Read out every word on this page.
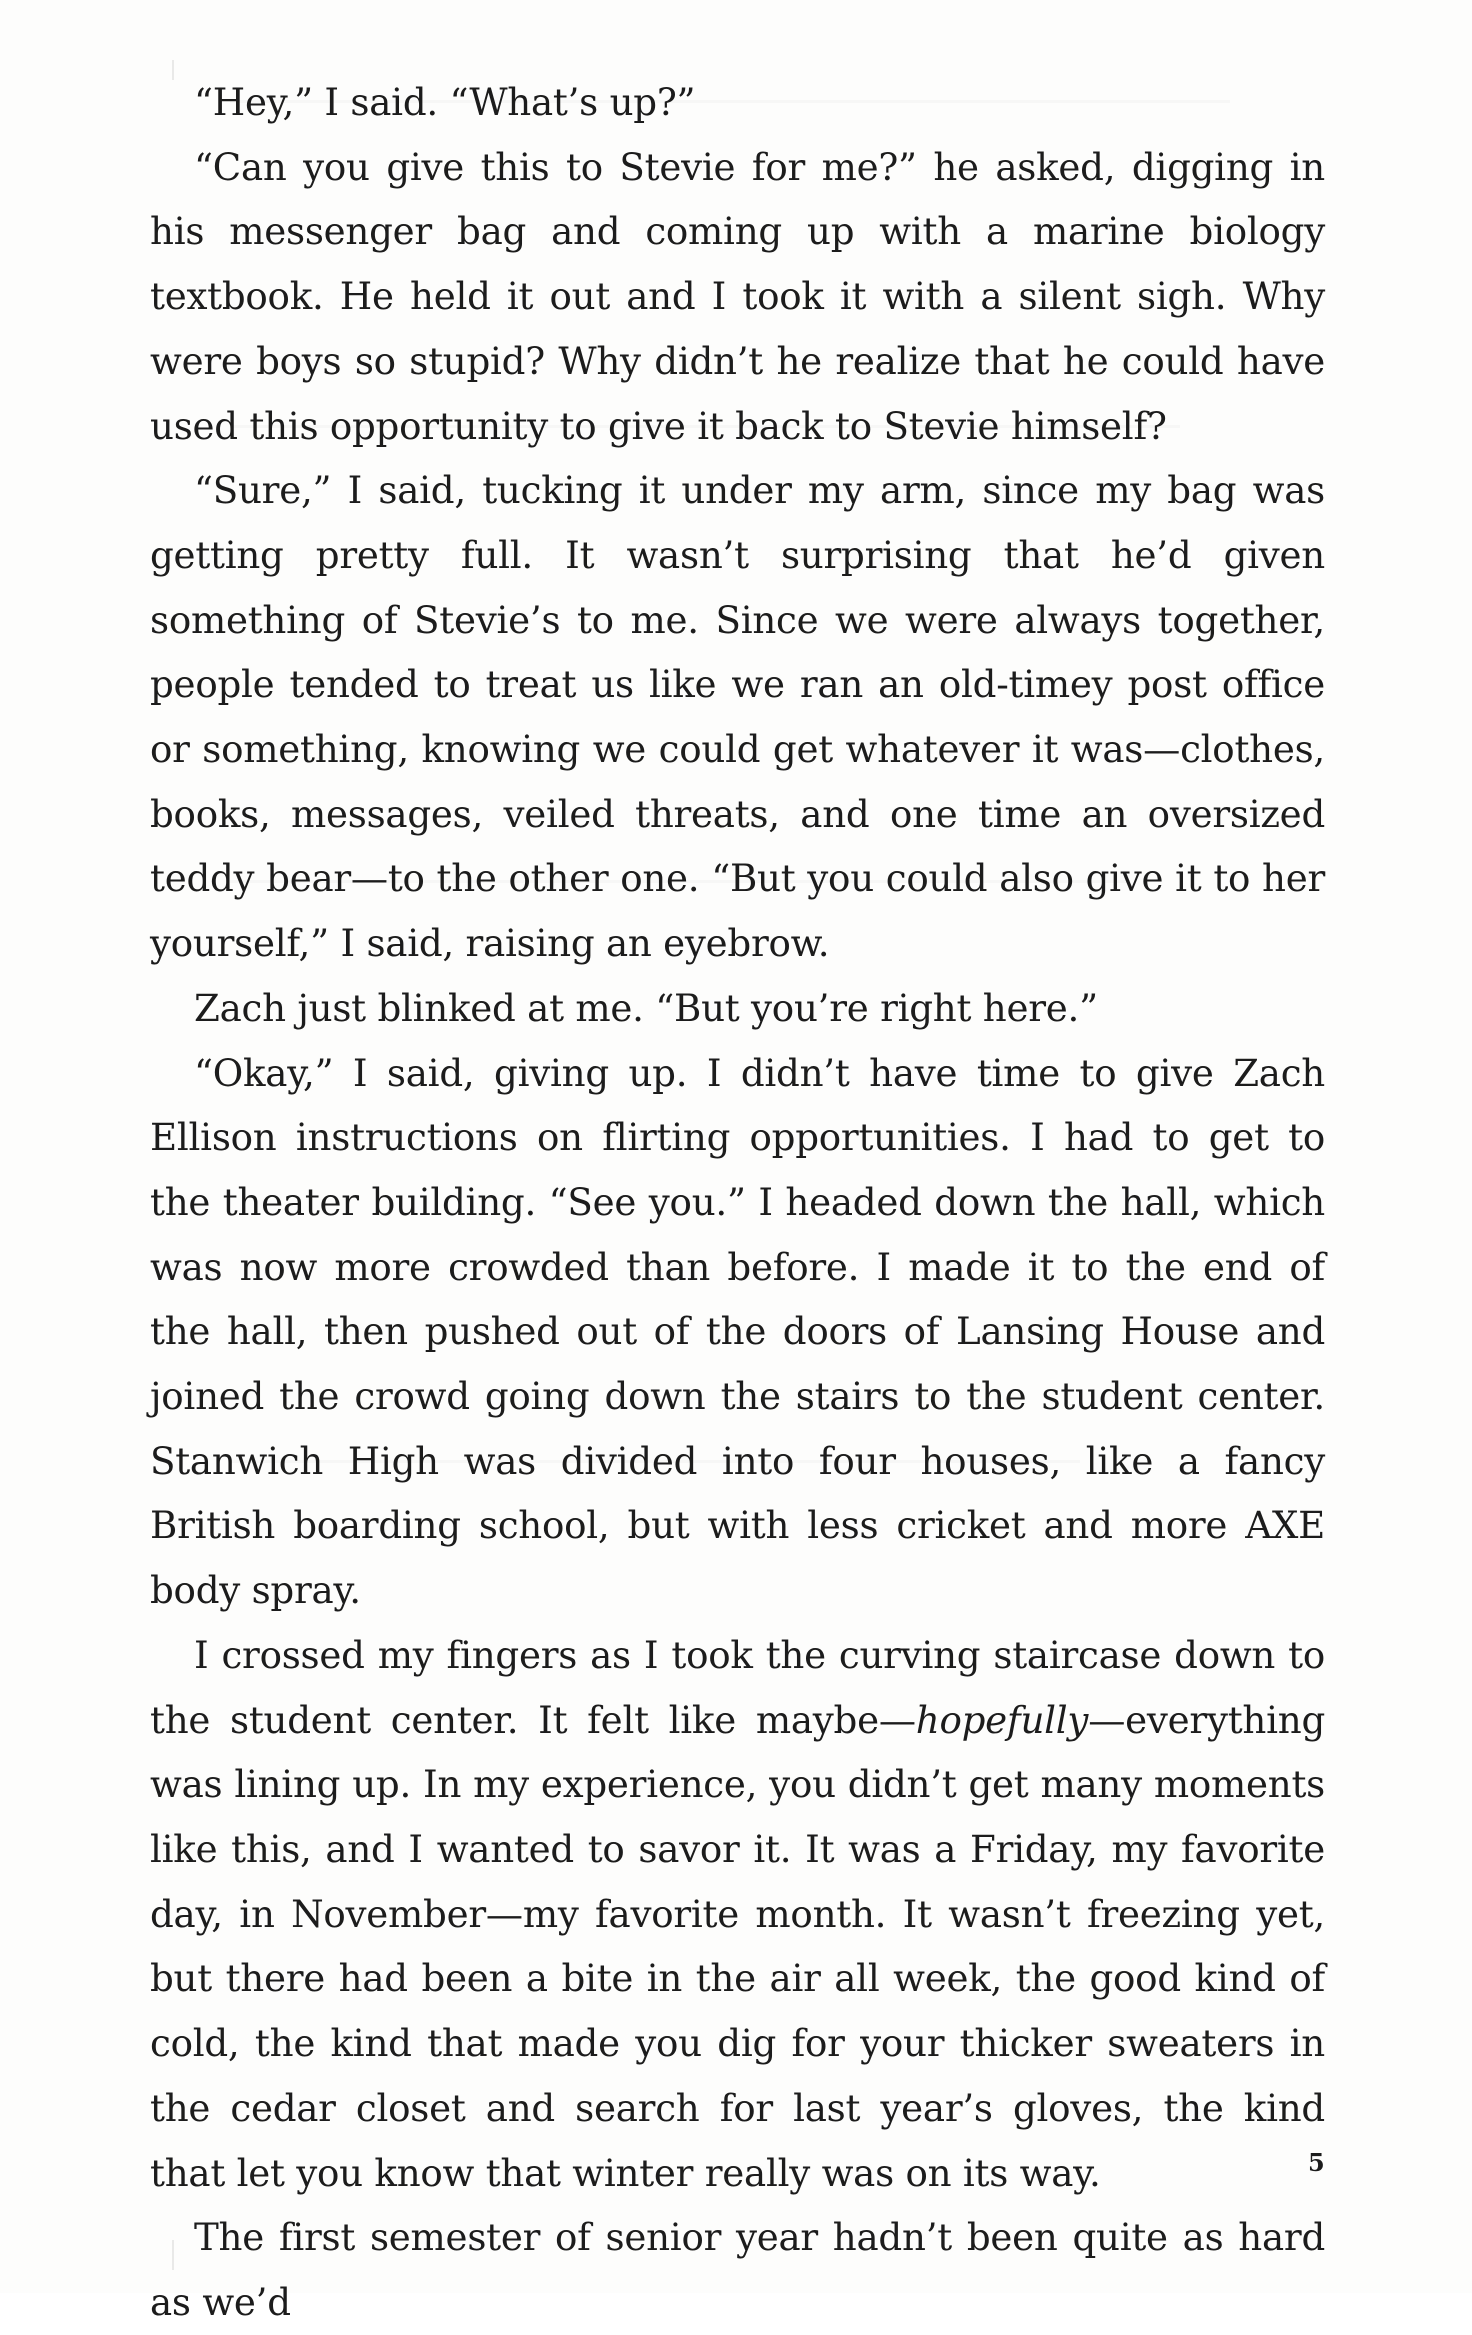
“Hey,” I said. “What’s up?”

“Can you give this to Stevie for me?” he asked, digging in his messenger bag and coming up with a marine biology textbook. He held it out and I took it with a silent sigh. Why were boys so stupid? Why didn’t he realize that he could have used this opportunity to give it back to Stevie himself?

“Sure,” I said, tucking it under my arm, since my bag was getting pretty full. It wasn’t surprising that he’d given something of Stevie’s to me. Since we were always together, people tended to treat us like we ran an old-timey post office or something, knowing we could get whatever it was—clothes, books, messages, veiled threats, and one time an oversized teddy bear—to the other one. “But you could also give it to her yourself,” I said, raising an eyebrow.

Zach just blinked at me. “But you’re right here.”

“Okay,” I said, giving up. I didn’t have time to give Zach Ellison instructions on flirting opportunities. I had to get to the theater building. “See you.” I headed down the hall, which was now more crowded than before. I made it to the end of the hall, then pushed out of the doors of Lansing House and joined the crowd going down the stairs to the student center. Stanwich High was divided into four houses, like a fancy British boarding school, but with less cricket and more AXE body spray.

I crossed my fingers as I took the curving staircase down to the student center. It felt like maybe—hopefully—everything was lining up. In my experience, you didn’t get many moments like this, and I wanted to savor it. It was a Friday, my favorite day, in November—my favorite month. It wasn’t freezing yet, but there had been a bite in the air all week, the good kind of cold, the kind that made you dig for your thicker sweaters in the cedar closet and search for last year’s gloves, the kind that let you know that winter really was on its way.

The first semester of senior year hadn’t been quite as hard as we’d

5
